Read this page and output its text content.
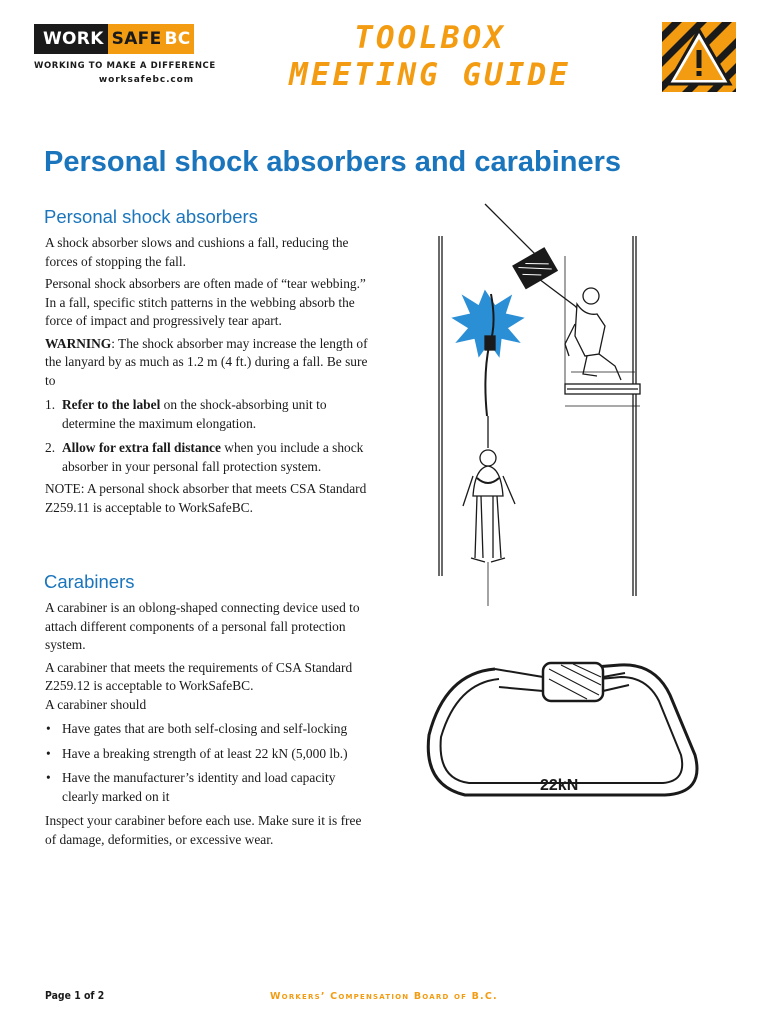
WORK SAFE BC
WORKING TO MAKE A DIFFERENCE
worksafebc.com
TOOLBOX
MEETING GUIDE
Personal shock absorbers and carabiners
Personal shock absorbers

A shock absorber slows and cushions a fall, reducing the forces of stopping the fall.

Personal shock absorbers are often made of “tear webbing.” In a fall, specific stitch patterns in the webbing absorb the force of impact and progressively tear apart.

WARNING: The shock absorber may increase the length of the lanyard by as much as 1.2 m (4 ft.) during a fall. Be sure to

1. Refer to the label on the shock-absorbing unit to determine the maximum elongation.

2. Allow for extra fall distance when you include a shock absorber in your personal fall protection system.

NOTE: A personal shock absorber that meets CSA Standard Z259.11 is acceptable to WorkSafeBC.

Carabiners

A carabiner is an oblong-shaped connecting device used to attach different components of a personal fall protection system.

A carabiner that meets the requirements of CSA Standard Z259.12 is acceptable to WorkSafeBC.

A carabiner should

• Have gates that are both self-closing and self-locking

• Have a breaking strength of at least 22 kN (5,000 lb.)

• Have the manufacturer’s identity and load capacity clearly marked on it

Inspect your carabiner before each use. Make sure it is free of damage, deformities, or excessive wear.

22kN
Page 1 of 2	Workers’ Compensation Board of B.C.
